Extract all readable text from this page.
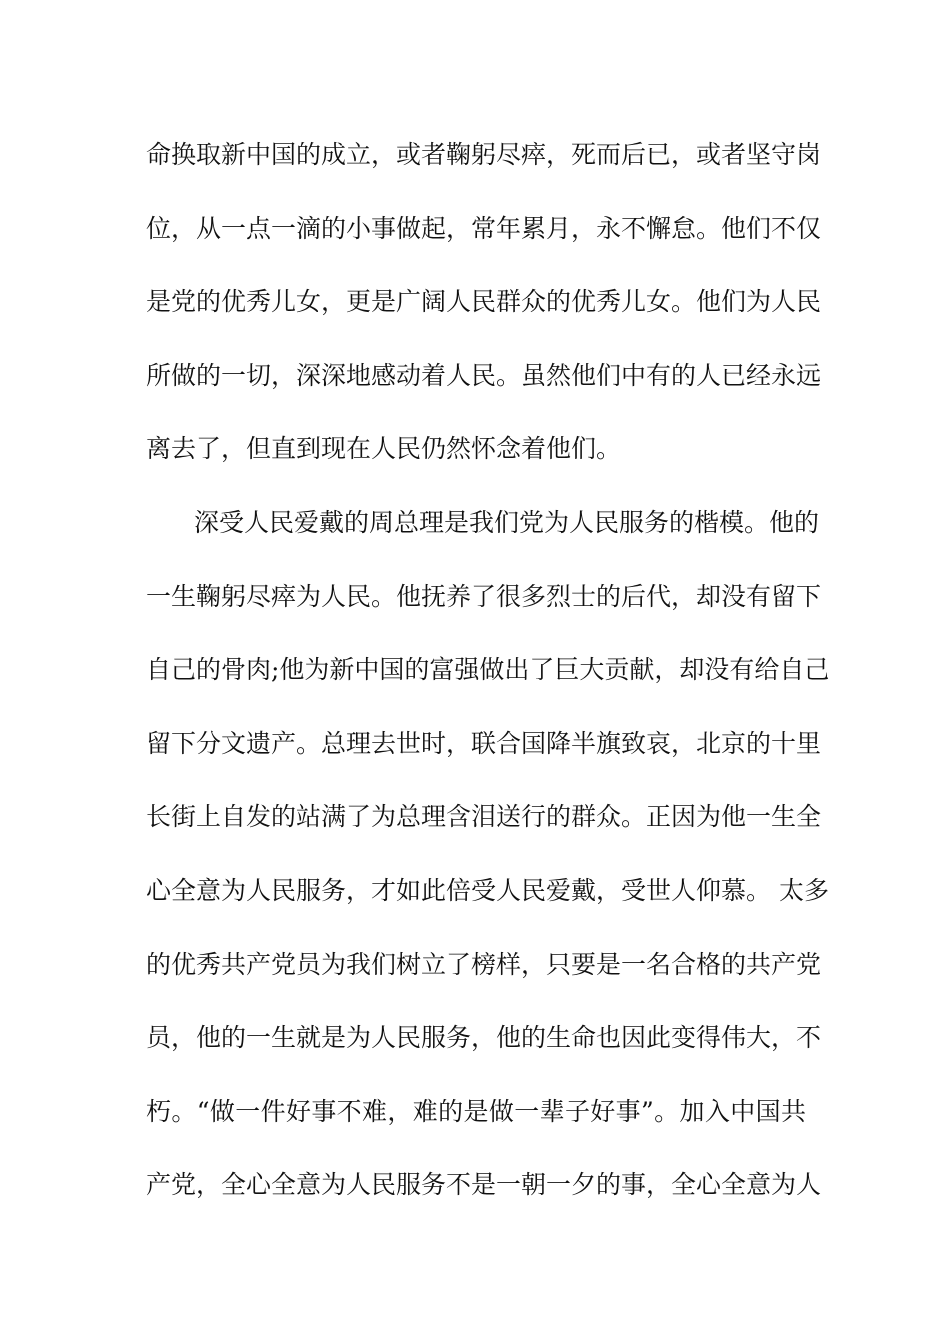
命换取新中国的成立，或者鞠躬尽瘁，死而后已，或者坚守岗
位，从一点一滴的小事做起，常年累月，永不懈怠。他们不仅
是党的优秀儿女，更是广阔人民群众的优秀儿女。他们为人民
所做的一切，深深地感动着人民。虽然他们中有的人已经永远
离去了，但直到现在人民仍然怀念着他们。
深受人民爱戴的周总理是我们党为人民服务的楷模。他的
一生鞠躬尽瘁为人民。他抚养了很多烈士的后代，却没有留下
自己的骨肉;他为新中国的富强做出了巨大贡献，却没有给自己
留下分文遗产。总理去世时，联合国降半旗致哀，北京的十里
长街上自发的站满了为总理含泪送行的群众。正因为他一生全
心全意为人民服务，才如此倍受人民爱戴，受世人仰慕。 太多
的优秀共产党员为我们树立了榜样，只要是一名合格的共产党
员，他的一生就是为人民服务，他的生命也因此变得伟大，不
朽。“做一件好事不难，难的是做一辈子好事”。加入中国共
产党，全心全意为人民服务不是一朝一夕的事，全心全意为人
